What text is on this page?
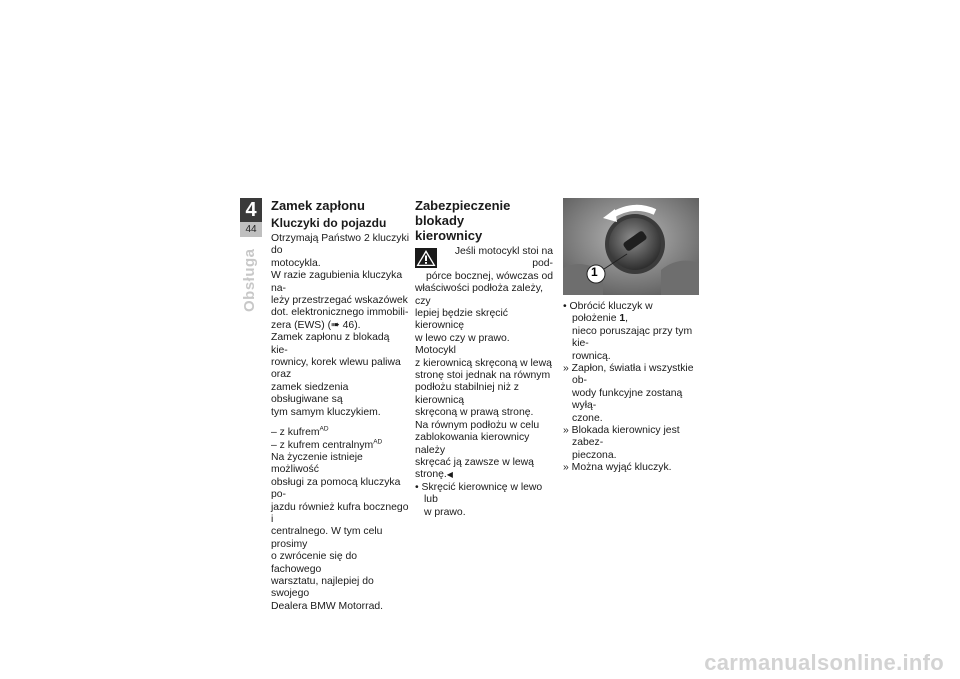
4
44
Obsługa
Zamek zapłonu
Kluczyki do pojazdu

Otrzymają Państwo 2 kluczyki do

motocykla.

W razie zagubienia kluczyka na-

leży przestrzegać wskazówek

dot. elektronicznego immobili-

zera (EWS) (➠ 46).

Zamek zapłonu z blokadą kie-

rownicy, korek wlewu paliwa oraz

zamek siedzenia obsługiwane są

tym samym kluczykiem.

– z kufrem$^{AD}$

– z kufrem centralnym$^{AD}$

Na życzenie istnieje możliwość

obsługi za pomocą kluczyka po-

jazdu również kufra bocznego i

centralnego. W tym celu prosimy

o zwrócenie się do fachowego

warsztatu, najlepiej do swojego

Dealera BMW Motorrad.

Zabezpieczenie blokady
kierownicy

Jeśli motocykl stoi na pod-

pórce bocznej, wówczas od

właściwości podłoża zależy, czy

lepiej będzie skręcić kierownicę

w lewo czy w prawo. Motocykl

z kierownicą skręconą w lewą

stronę stoi jednak na równym

podłożu stabilniej niż z kierownicą

skręconą w prawą stronę.

Na równym podłożu w celu

zablokowania kierownicy należy

skręcać ją zawsze w lewą

stronę.◀

• Skręcić kierownicę w lewo lub
w prawo.

1

• Obrócić kluczyk w położenie 1,
nieco poruszając przy tym kie-
rownicą.

» Zapłon, światła i wszystkie ob-
wody funkcyjne zostaną wyłą-
czone.

» Blokada kierownicy jest zabez-
pieczona.

» Można wyjąć kluczyk.

carmanualsonline.info
